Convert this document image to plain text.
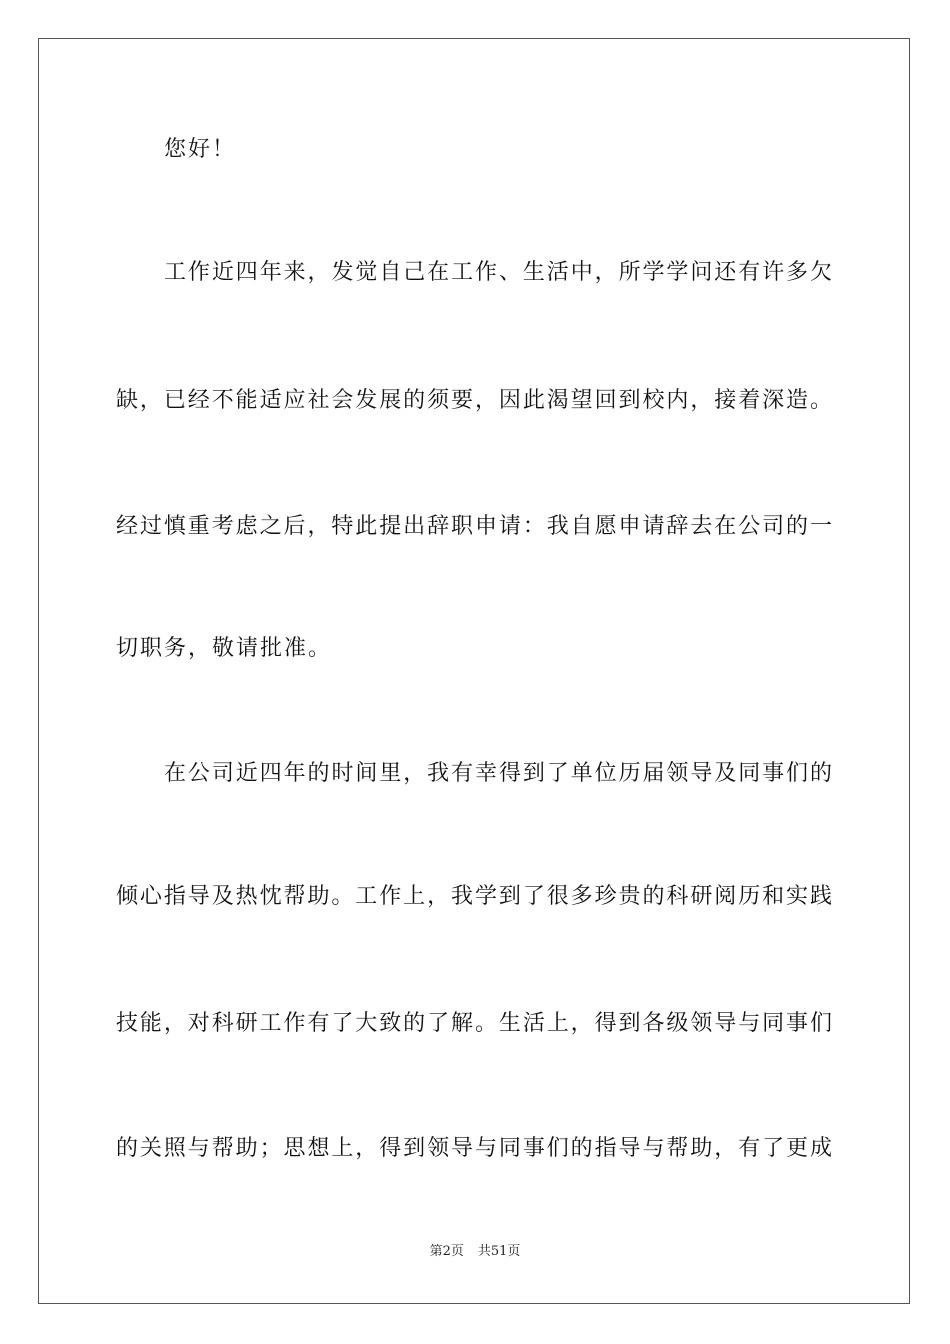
您好！
工作近四年来，发觉自己在工作、生活中，所学学问还有许多欠
缺，已经不能适应社会发展的须要，因此渴望回到校内，接着深造。
经过慎重考虑之后，特此提出辞职申请：我自愿申请辞去在公司的一
切职务，敬请批准。
在公司近四年的时间里，我有幸得到了单位历届领导及同事们的
倾心指导及热忱帮助。工作上，我学到了很多珍贵的科研阅历和实践
技能，对科研工作有了大致的了解。生活上，得到各级领导与同事们
的关照与帮助；思想上，得到领导与同事们的指导与帮助，有了更成
第2页 共51页
